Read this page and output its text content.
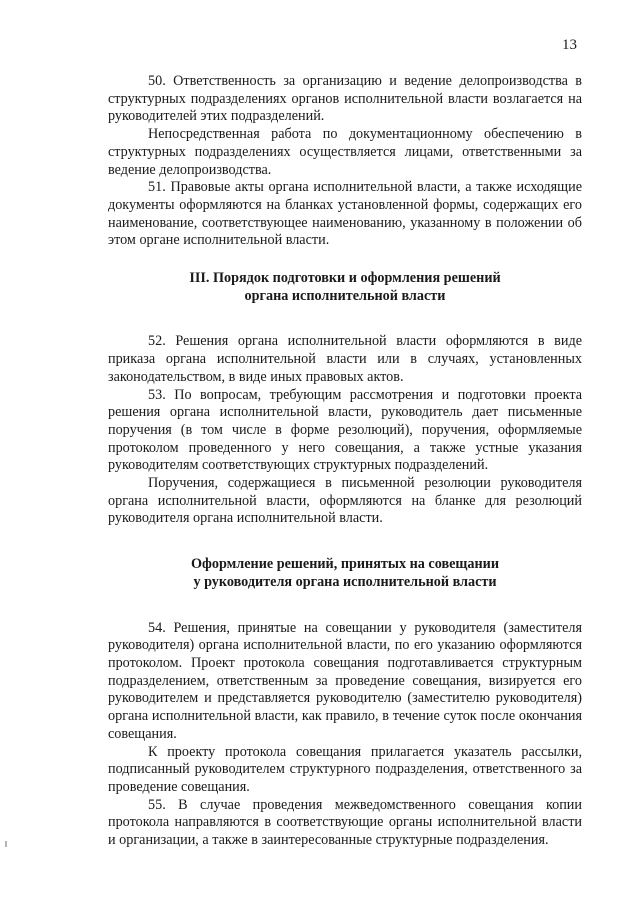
13

50. Ответственность за организацию и ведение делопроизводства в структурных подразделениях органов исполнительной власти возлагается на руководителей этих подразделений.

Непосредственная работа по документационному обеспечению в структурных подразделениях осуществляется лицами, ответственными за ведение делопроизводства.

51. Правовые акты органа исполнительной власти, а также исходящие документы оформляются на бланках установленной формы, содержащих его наименование, соответствующее наименованию, указанному в положении об этом органе исполнительной власти.

III. Порядок подготовки и оформления решений
органа исполнительной власти

52. Решения органа исполнительной власти оформляются в виде приказа органа исполнительной власти или в случаях, установленных законодательством, в виде иных правовых актов.

53. По вопросам, требующим рассмотрения и подготовки проекта решения органа исполнительной власти, руководитель дает письменные поручения (в том числе в форме резолюций), поручения, оформляемые протоколом проведенного у него совещания, а также устные указания руководителям соответствующих структурных подразделений.

Поручения, содержащиеся в письменной резолюции руководителя органа исполнительной власти, оформляются на бланке для резолюций руководителя органа исполнительной власти.

Оформление решений, принятых на совещании
у руководителя органа исполнительной власти

54. Решения, принятые на совещании у руководителя (заместителя руководителя) органа исполнительной власти, по его указанию оформляются протоколом. Проект протокола совещания подготавливается структурным подразделением, ответственным за проведение совещания, визируется его руководителем и представляется руководителю (заместителю руководителя) органа исполнительной власти, как правило, в течение суток после окончания совещания.

К проекту протокола совещания прилагается указатель рассылки, подписанный руководителем структурного подразделения, ответственного за проведение совещания.

55. В случае проведения межведомственного совещания копии протокола направляются в соответствующие органы исполнительной власти и организации, а также в заинтересованные структурные подразделения.
